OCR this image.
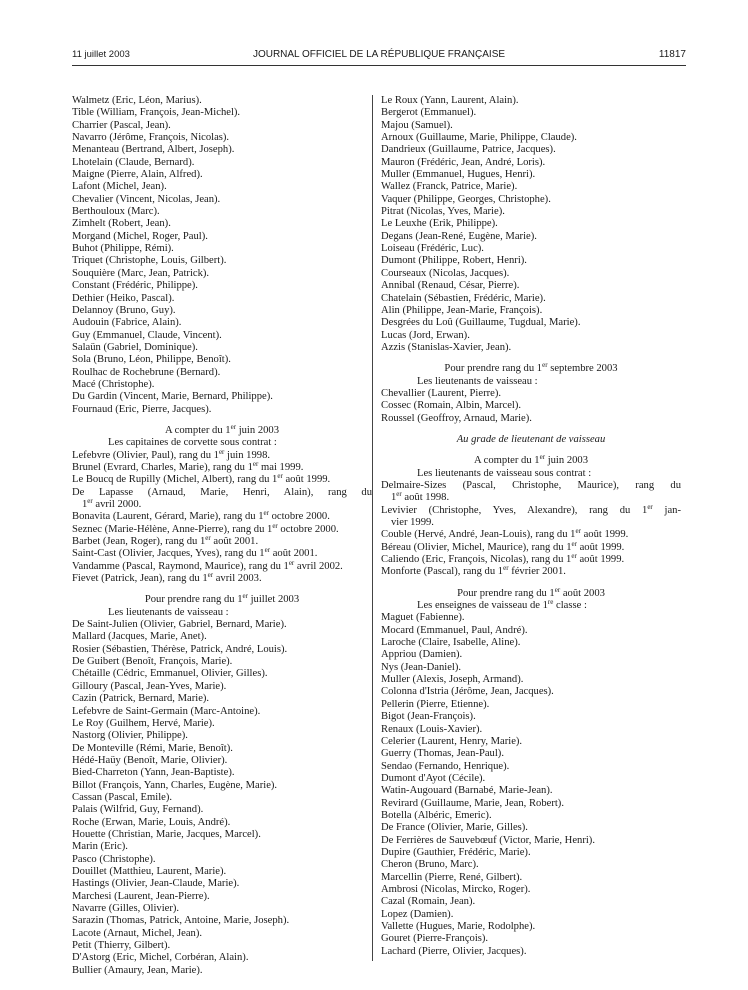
11 juillet 2003	JOURNAL OFFICIEL DE LA RÉPUBLIQUE FRANÇAISE	11817
Walmetz (Eric, Léon, Marius).
Tible (William, François, Jean-Michel).
Charrier (Pascal, Jean).
Navarro (Jérôme, François, Nicolas).
Menanteau (Bertrand, Albert, Joseph).
Lhotelain (Claude, Bernard).
Maigne (Pierre, Alain, Alfred).
Lafont (Michel, Jean).
Chevalier (Vincent, Nicolas, Jean).
Berthouloux (Marc).
Zimhelt (Robert, Jean).
Morgand (Michel, Roger, Paul).
Buhot (Philippe, Rémi).
Triquet (Christophe, Louis, Gilbert).
Souquière (Marc, Jean, Patrick).
Constant (Frédéric, Philippe).
Dethier (Heiko, Pascal).
Delannoy (Bruno, Guy).
Audouin (Fabrice, Alain).
Guy (Emmanuel, Claude, Vincent).
Salaün (Gabriel, Dominique).
Sola (Bruno, Léon, Philippe, Benoît).
Roulhac de Rochebrune (Bernard).
Macé (Christophe).
Du Gardin (Vincent, Marie, Bernard, Philippe).
Fournaud (Eric, Pierre, Jacques).
A compter du 1er juin 2003
Les capitaines de corvette sous contrat :
Lefebvre (Olivier, Paul), rang du 1er juin 1998.
Brunel (Evrard, Charles, Marie), rang du 1er mai 1999.
Le Boucq de Rupilly (Michel, Albert), rang du 1er août 1999.
De Lapasse (Arnaud, Marie, Henri, Alain), rang du
1er avril 2000.
Bonavita (Laurent, Gérard, Marie), rang du 1er octobre 2000.
Seznec (Marie-Hélène, Anne-Pierre), rang du 1er octobre 2000.
Barbet (Jean, Roger), rang du 1er août 2001.
Saint-Cast (Olivier, Jacques, Yves), rang du 1er août 2001.
Vandamme (Pascal, Raymond, Maurice), rang du 1er avril 2002.
Fievet (Patrick, Jean), rang du 1er avril 2003.
Pour prendre rang du 1er juillet 2003
Les lieutenants de vaisseau :
De Saint-Julien (Olivier, Gabriel, Bernard, Marie).
Mallard (Jacques, Marie, Anet).
Rosier (Sébastien, Thérèse, Patrick, André, Louis).
De Guibert (Benoît, François, Marie).
Chétaille (Cédric, Emmanuel, Olivier, Gilles).
Gilloury (Pascal, Jean-Yves, Marie).
Cazin (Patrick, Bernard, Marie).
Lefebvre de Saint-Germain (Marc-Antoine).
Le Roy (Guilhem, Hervé, Marie).
Nastorg (Olivier, Philippe).
De Monteville (Rémi, Marie, Benoît).
Hédé-Haüy (Benoît, Marie, Olivier).
Bied-Charreton (Yann, Jean-Baptiste).
Billot (François, Yann, Charles, Eugène, Marie).
Cassan (Pascal, Emile).
Palais (Wilfrid, Guy, Fernand).
Roche (Erwan, Marie, Louis, André).
Houette (Christian, Marie, Jacques, Marcel).
Marin (Eric).
Pasco (Christophe).
Douillet (Matthieu, Laurent, Marie).
Hastings (Olivier, Jean-Claude, Marie).
Marchesi (Laurent, Jean-Pierre).
Navarre (Gilles, Olivier).
Sarazin (Thomas, Patrick, Antoine, Marie, Joseph).
Lacote (Arnaut, Michel, Jean).
Petit (Thierry, Gilbert).
D'Astorg (Eric, Michel, Corbéran, Alain).
Bullier (Amaury, Jean, Marie).
Le Roux (Yann, Laurent, Alain).
Bergerot (Emmanuel).
Majou (Samuel).
Arnoux (Guillaume, Marie, Philippe, Claude).
Dandrieux (Guillaume, Patrice, Jacques).
Mauron (Frédéric, Jean, André, Loris).
Muller (Emmanuel, Hugues, Henri).
Wallez (Franck, Patrice, Marie).
Vaquer (Philippe, Georges, Christophe).
Pitrat (Nicolas, Yves, Marie).
Le Leuxhe (Erik, Philippe).
Degans (Jean-René, Eugène, Marie).
Loiseau (Frédéric, Luc).
Dumont (Philippe, Robert, Henri).
Courseaux (Nicolas, Jacques).
Annibal (Renaud, César, Pierre).
Chatelain (Sébastien, Frédéric, Marie).
Alin (Philippe, Jean-Marie, François).
Desgrées du Loû (Guillaume, Tugdual, Marie).
Lucas (Jord, Erwan).
Azzis (Stanislas-Xavier, Jean).
Pour prendre rang du 1er septembre 2003
Les lieutenants de vaisseau :
Chevallier (Laurent, Pierre).
Cossec (Romain, Albin, Marcel).
Roussel (Geoffroy, Arnaud, Marie).
Au grade de lieutenant de vaisseau
A compter du 1er juin 2003
Les lieutenants de vaisseau sous contrat :
Delmaire-Sizes (Pascal, Christophe, Maurice), rang du
1er août 1998.
Levivier (Christophe, Yves, Alexandre), rang du 1er jan-
vier 1999.
Couble (Hervé, André, Jean-Louis), rang du 1er août 1999.
Béreau (Olivier, Michel, Maurice), rang du 1er août 1999.
Caliendo (Eric, François, Nicolas), rang du 1er août 1999.
Monforte (Pascal), rang du 1er février 2001.
Pour prendre rang du 1er août 2003
Les enseignes de vaisseau de 1re classe :
Maguet (Fabienne).
Mocard (Emmanuel, Paul, André).
Laroche (Claire, Isabelle, Aline).
Appriou (Damien).
Nys (Jean-Daniel).
Muller (Alexis, Joseph, Armand).
Colonna d'Istria (Jérôme, Jean, Jacques).
Pellerin (Pierre, Etienne).
Bigot (Jean-François).
Renaux (Louis-Xavier).
Celerier (Laurent, Henry, Marie).
Guerry (Thomas, Jean-Paul).
Sendao (Fernando, Henrique).
Dumont d'Ayot (Cécile).
Watin-Augouard (Barnabé, Marie-Jean).
Revirard (Guillaume, Marie, Jean, Robert).
Botella (Albéric, Emeric).
De France (Olivier, Marie, Gilles).
De Ferrières de Sauvebœuf (Victor, Marie, Henri).
Dupire (Gauthier, Frédéric, Marie).
Cheron (Bruno, Marc).
Marcellin (Pierre, René, Gilbert).
Ambrosi (Nicolas, Mircko, Roger).
Cazal (Romain, Jean).
Lopez (Damien).
Vallette (Hugues, Marie, Rodolphe).
Gouret (Pierre-François).
Lachard (Pierre, Olivier, Jacques).
